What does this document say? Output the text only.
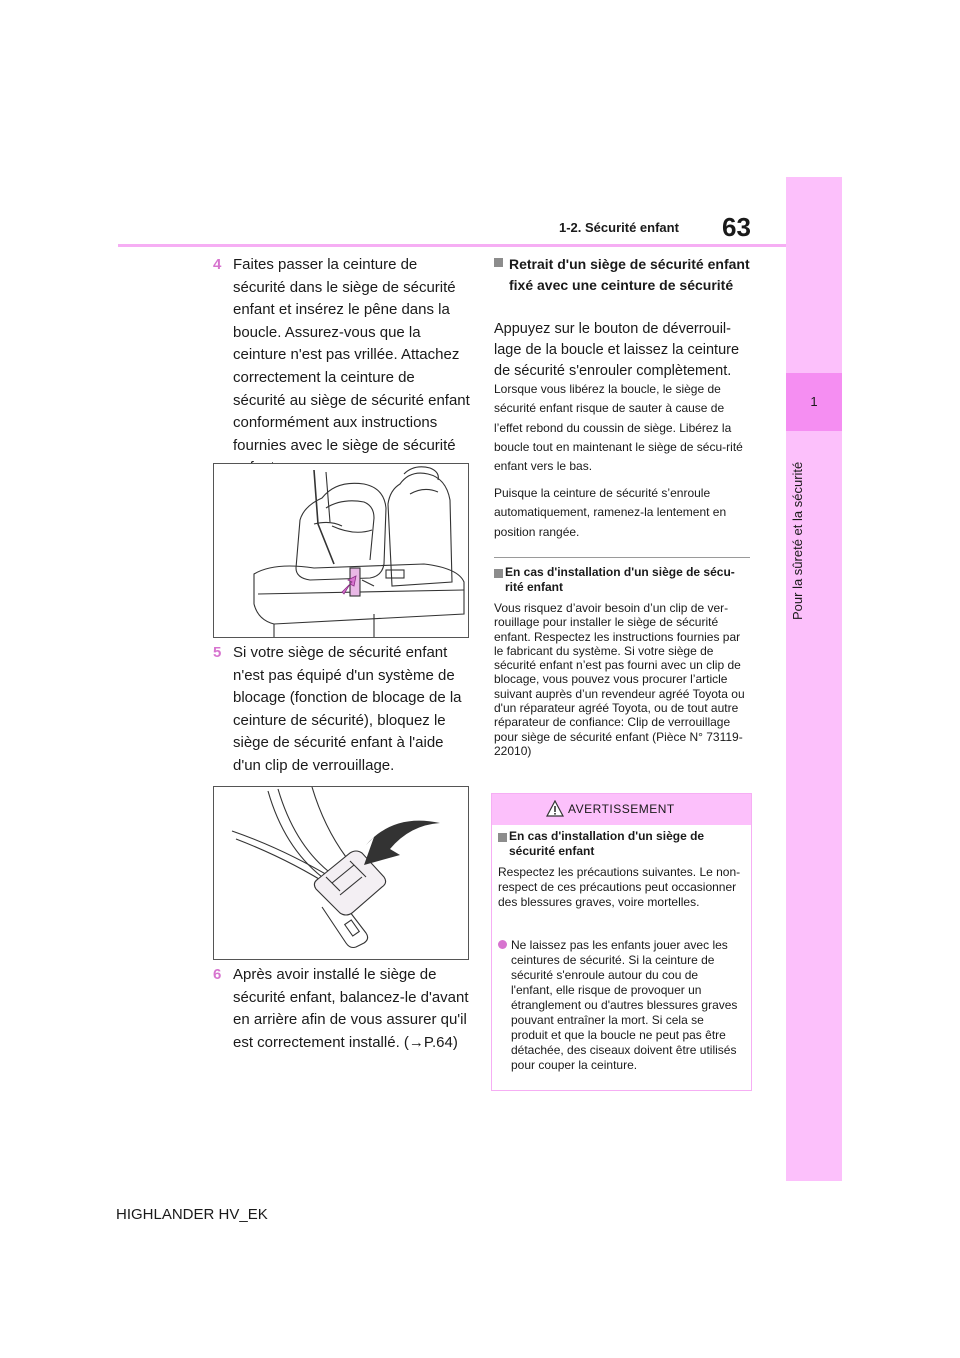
1-2. Sécurité enfant 63
1
Pour la sûreté et la sécurité
4 Faites passer la ceinture de sécurité dans le siège de sécurité enfant et insérez le pêne dans la boucle. Assurez-vous que la ceinture n'est pas vrillée. Attachez correctement la ceinture de sécurité au siège de sécurité enfant conformément aux instructions fournies avec le siège de sécurité
5 Si votre siège de sécurité enfant n'est pas équipé d'un système de blocage (fonction de blocage de la ceinture de sécurité), bloquez le siège de sécurité enfant à l'aide d'un clip de verrouillage.
6 Après avoir installé le siège de sécurité enfant, balancez-le d'avant en arrière afin de vous assurer qu'il est correctement installé. (→P.64)
Retrait d'un siège de sécurité enfant fixé avec une ceinture de sécurité
Appuyez sur le bouton de déverrouil-lage de la boucle et laissez la ceinture de sécurité s'enrouler complètement.
Lorsque vous libérez la boucle, le siège de sécurité enfant risque de sauter à cause de l’effet rebond du coussin de siège. Libérez la boucle tout en maintenant le siège de sécu-rité enfant vers le bas.
Puisque la ceinture de sécurité s’enroule automatiquement, ramenez-la lentement en position rangée.
En cas d'installation d'un siège de sécu-rité enfant
Vous risquez d’avoir besoin d’un clip de ver-rouillage pour installer le siège de sécurité enfant. Respectez les instructions fournies par le fabricant du système. Si votre siège de sécurité enfant n’est pas fourni avec un clip de blocage, vous pouvez vous procurer l’article suivant auprès d’un revendeur agréé Toyota ou d'un réparateur agréé Toyota, ou de tout autre réparateur de confiance: Clip de verrouillage pour siège de sécurité enfant (Pièce N° 73119-22010)
AVERTISSEMENT
En cas d'installation d'un siège de sécurité enfant
Respectez les précautions suivantes. Le non-respect de ces précautions peut occasionner des blessures graves, voire mortelles.
Ne laissez pas les enfants jouer avec les ceintures de sécurité. Si la ceinture de sécurité s'enroule autour du cou de l'enfant, elle risque de provoquer un étranglement ou d'autres blessures graves pouvant entraîner la mort. Si cela se produit et que la boucle ne peut pas être détachée, des ciseaux doivent être utilisés pour couper la ceinture.
HIGHLANDER HV_EK
